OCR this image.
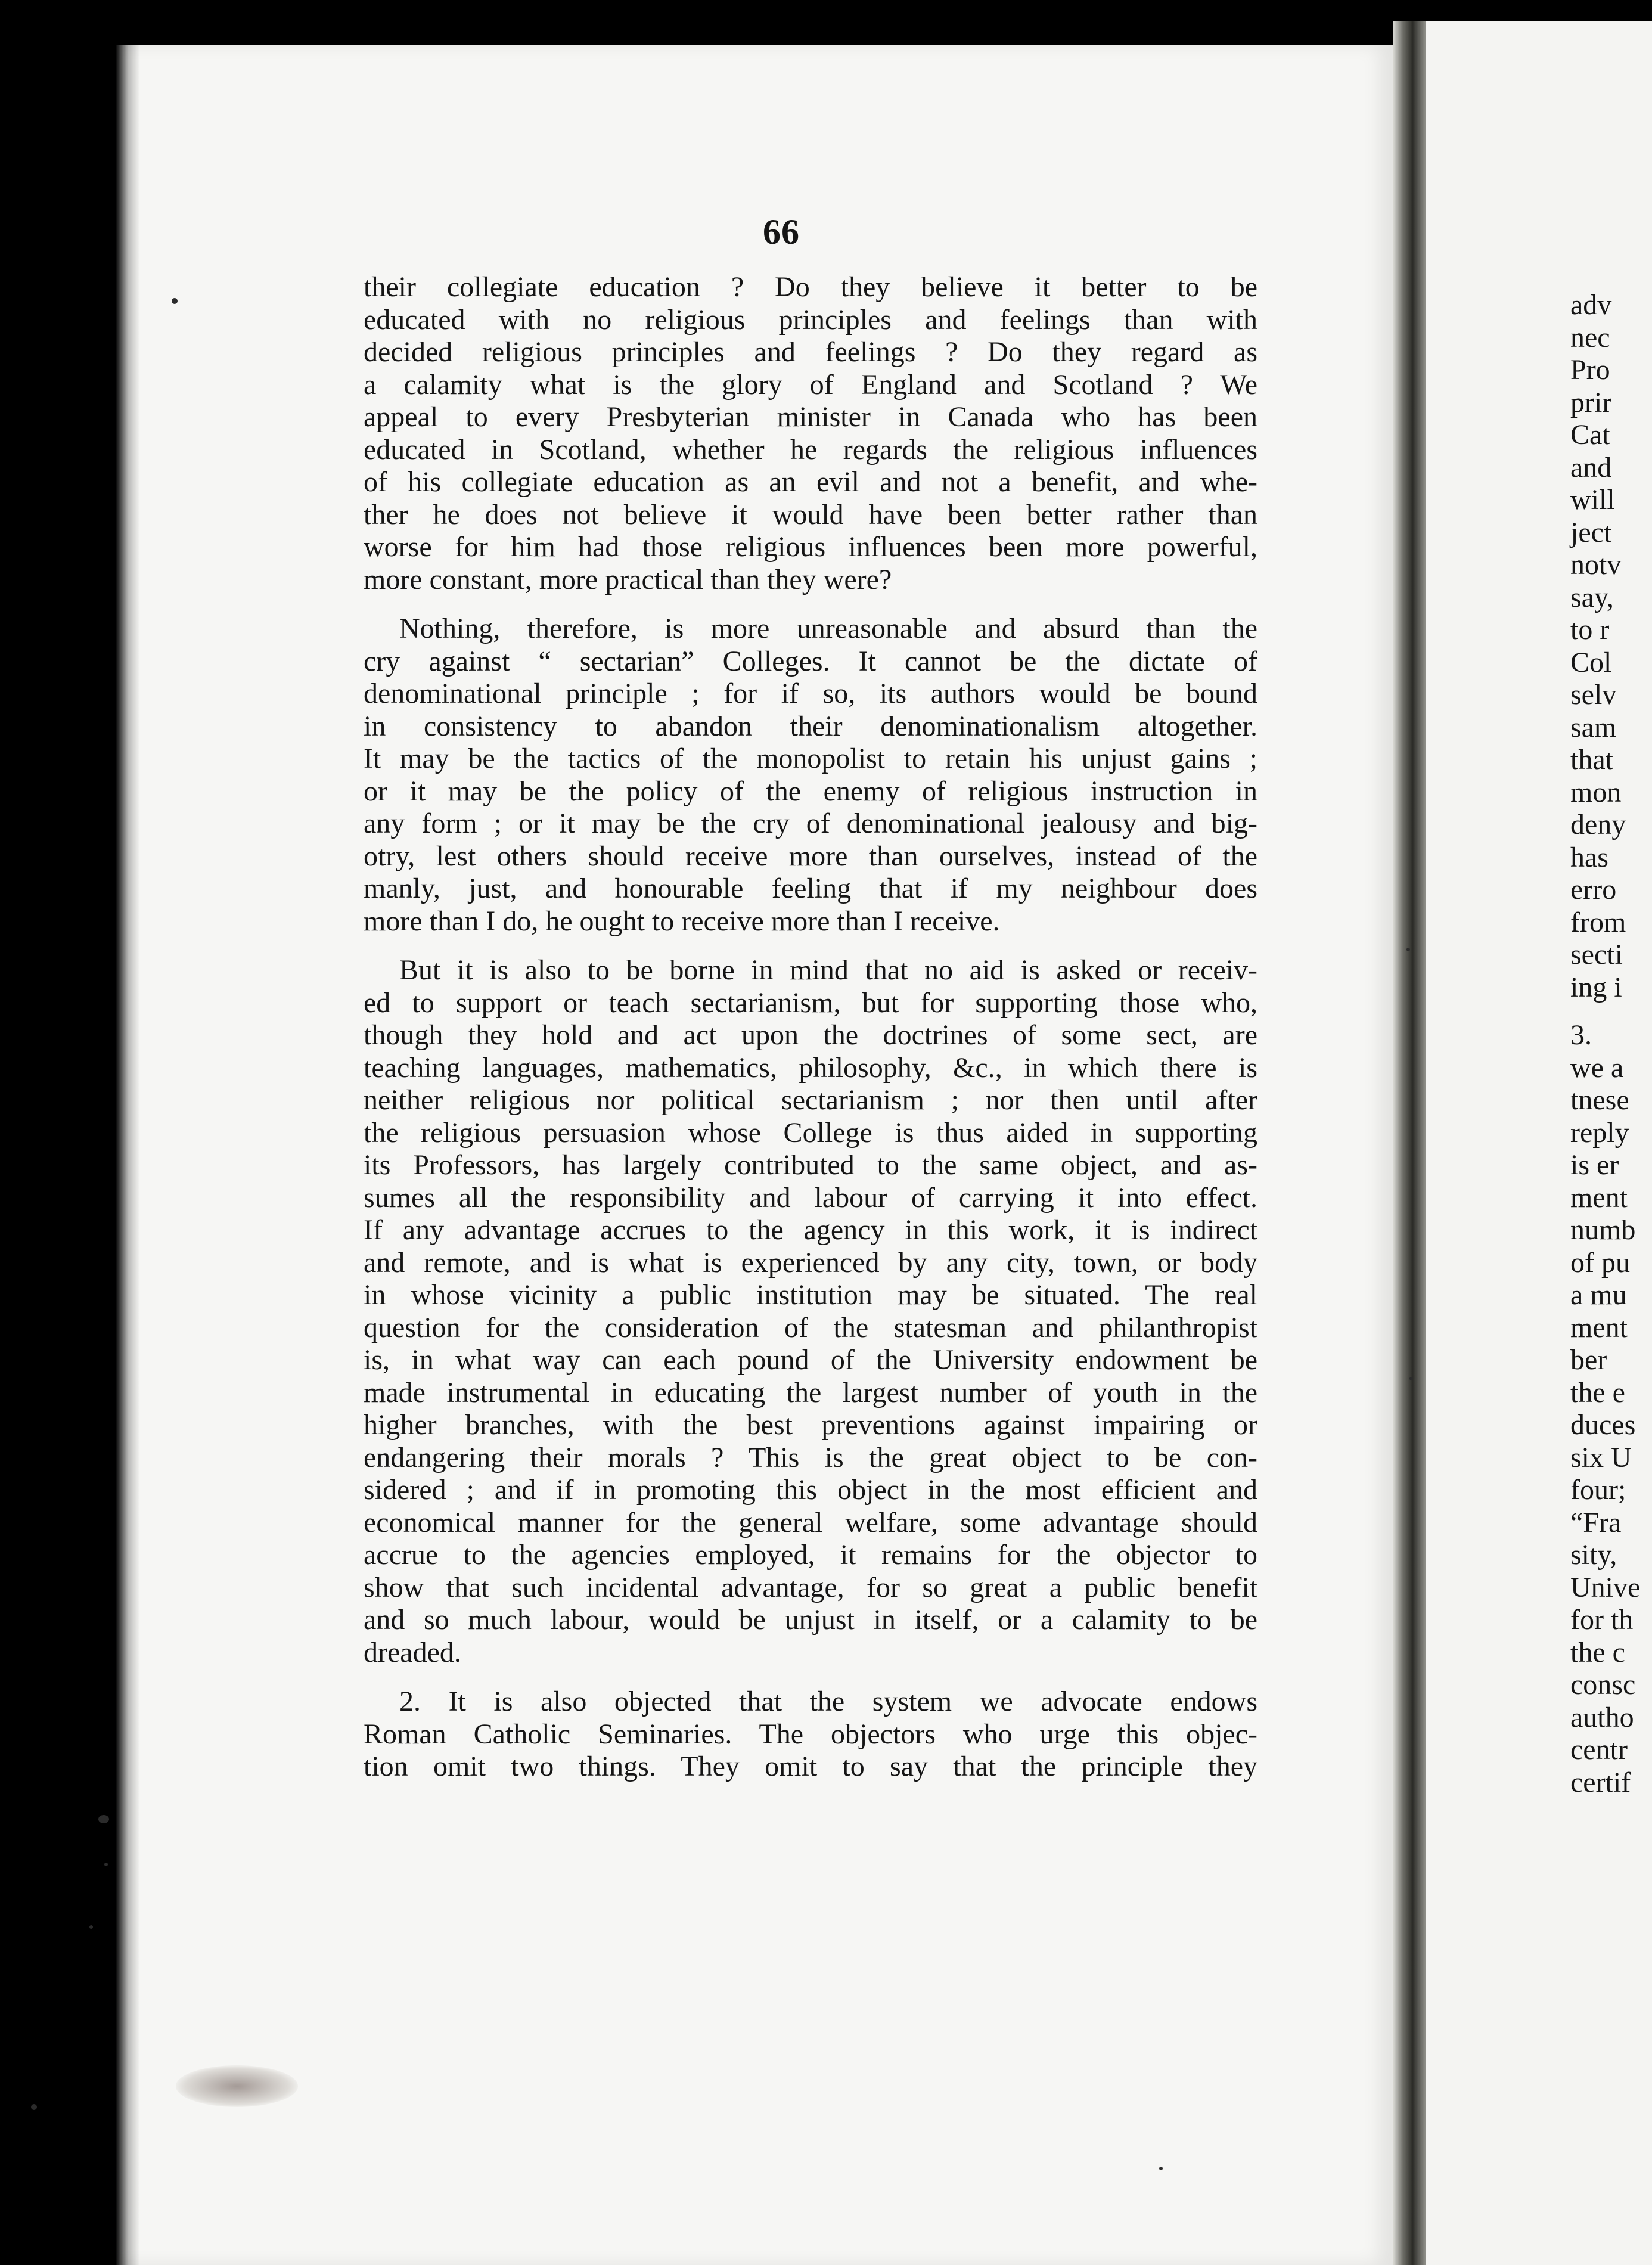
66

their collegiate education ? Do they believe it better to be
educated with no religious principles and feelings than with
decided religious principles and feelings ? Do they regard as
a calamity what is the glory of England and Scotland ? We
appeal to every Presbyterian minister in Canada who has been
educated in Scotland, whether he regards the religious influences
of his collegiate education as an evil and not a benefit, and whe-
ther he does not believe it would have been better rather than
worse for him had those religious influences been more powerful,
more constant, more practical than they were?

Nothing, therefore, is more unreasonable and absurd than the
cry against “ sectarian” Colleges. It cannot be the dictate of
denominational principle ; for if so, its authors would be bound
in consistency to abandon their denominationalism altogether.
It may be the tactics of the monopolist to retain his unjust gains ;
or it may be the policy of the enemy of religious instruction in
any form ; or it may be the cry of denominational jealousy and big-
otry, lest others should receive more than ourselves, instead of the
manly, just, and honourable feeling that if my neighbour does
more than I do, he ought to receive more than I receive.

But it is also to be borne in mind that no aid is asked or receiv-
ed to support or teach sectarianism, but for supporting those who,
though they hold and act upon the doctrines of some sect, are
teaching languages, mathematics, philosophy, &c., in which there is
neither religious nor political sectarianism ; nor then until after
the religious persuasion whose College is thus aided in supporting
its Professors, has largely contributed to the same object, and as-
sumes all the responsibility and labour of carrying it into effect.
If any advantage accrues to the agency in this work, it is indirect
and remote, and is what is experienced by any city, town, or body
in whose vicinity a public institution may be situated. The real
question for the consideration of the statesman and philanthropist
is, in what way can each pound of the University endowment be
made instrumental in educating the largest number of youth in the
higher branches, with the best preventions against impairing or
endangering their morals ? This is the great object to be con-
sidered ; and if in promoting this object in the most efficient and
economical manner for the general welfare, some advantage should
accrue to the agencies employed, it remains for the objector to
show that such incidental advantage, for so great a public benefit
and so much labour, would be unjust in itself, or a calamity to be
dreaded.

2. It is also objected that the system we advocate endows
Roman Catholic Seminaries. The objectors who urge this objec-
tion omit two things. They omit to say that the principle they

adv
nec
Pro
prir
Cat
and
will
ject
notv
say,
to r
Col
selv
sam
that
mon
deny
has
erro
from
secti
ing i
3.
we a
tnese
reply
is er
ment
numb
of pu
a mu
ment
ber
the e
duces
six U
four;
“Fra
sity,
Unive
for th
the c
consc
autho
centr
certif
